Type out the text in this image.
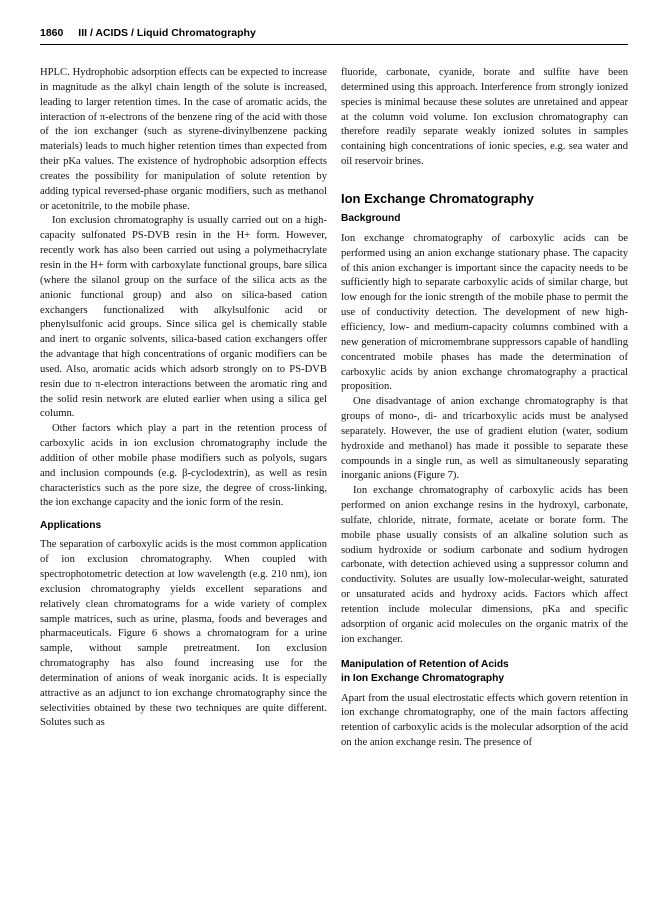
1860 III / ACIDS / Liquid Chromatography

HPLC. Hydrophobic adsorption effects can be expected to increase in magnitude as the alkyl chain length of the solute is increased, leading to larger retention times. In the case of aromatic acids, the interaction of π-electrons of the benzene ring of the acid with those of the ion exchanger (such as styrene-divinylbenzene packing materials) leads to much higher retention times than expected from their pKa values. The existence of hydrophobic adsorption effects creates the possibility for manipulation of solute retention by adding typical reversed-phase organic modifiers, such as methanol or acetonitrile, to the mobile phase.

Ion exclusion chromatography is usually carried out on a high-capacity sulfonated PS-DVB resin in the H+ form. However, recently work has also been carried out using a polymethacrylate resin in the H+ form with carboxylate functional groups, bare silica (where the silanol group on the surface of the silica acts as the anionic functional group) and also on silica-based cation exchangers functionalized with alkylsulfonic acid or phenylsulfonic acid groups. Since silica gel is chemically stable and inert to organic solvents, silica-based cation exchangers offer the advantage that high concentrations of organic modifiers can be used. Also, aromatic acids which adsorb strongly on to PS-DVB resin due to π-electron interactions between the aromatic ring and the solid resin network are eluted earlier when using a silica gel column.

Other factors which play a part in the retention process of carboxylic acids in ion exclusion chromatography include the addition of other mobile phase modifiers such as polyols, sugars and inclusion compounds (e.g. β-cyclodextrin), as well as resin characteristics such as the pore size, the degree of cross-linking, the ion exchange capacity and the ionic form of the resin.

Applications

The separation of carboxylic acids is the most common application of ion exclusion chromatography. When coupled with spectrophotometric detection at low wavelength (e.g. 210 nm), ion exclusion chromatography yields excellent separations and relatively clean chromatograms for a wide variety of complex sample matrices, such as urine, plasma, foods and beverages and pharmaceuticals. Figure 6 shows a chromatogram for a urine sample, without sample pretreatment. Ion exclusion chromatography has also found increasing use for the determination of anions of weak inorganic acids. It is especially attractive as an adjunct to ion exchange chromatography since the selectivities obtained by these two techniques are quite different. Solutes such as

fluoride, carbonate, cyanide, borate and sulfite have been determined using this approach. Interference from strongly ionized species is minimal because these solutes are unretained and appear at the column void volume. Ion exclusion chromatography can therefore readily separate weakly ionized solutes in samples containing high concentrations of ionic species, e.g. sea water and oil reservoir brines.

Ion Exchange Chromatography
Background

Ion exchange chromatography of carboxylic acids can be performed using an anion exchange stationary phase. The capacity of this anion exchanger is important since the capacity needs to be sufficiently high to separate carboxylic acids of similar charge, but low enough for the ionic strength of the mobile phase to permit the use of conductivity detection. The development of new high-efficiency, low- and medium-capacity columns combined with a new generation of micromembrane suppressors capable of handling concentrated mobile phases has made the determination of carboxylic acids by anion exchange chromatography a practical proposition.

One disadvantage of anion exchange chromatography is that groups of mono-, di- and tricarboxylic acids must be analysed separately. However, the use of gradient elution (water, sodium hydroxide and methanol) has made it possible to separate these compounds in a single run, as well as simultaneously separating inorganic anions (Figure 7).

Ion exchange chromatography of carboxylic acids has been performed on anion exchange resins in the hydroxyl, carbonate, sulfate, chloride, nitrate, formate, acetate or borate form. The mobile phase usually consists of an alkaline solution such as sodium hydroxide or sodium carbonate and sodium hydrogen carbonate, with detection achieved using a suppressor column and conductivity. Solutes are usually low-molecular-weight, saturated or unsaturated acids and hydroxy acids. Factors which affect retention include molecular dimensions, pKa and specific adsorption of organic acid molecules on the organic matrix of the ion exchanger.

Manipulation of Retention of Acids
in Ion Exchange Chromatography

Apart from the usual electrostatic effects which govern retention in ion exchange chromatography, one of the main factors affecting retention of carboxylic acids is the molecular adsorption of the acid on the anion exchange resin. The presence of
